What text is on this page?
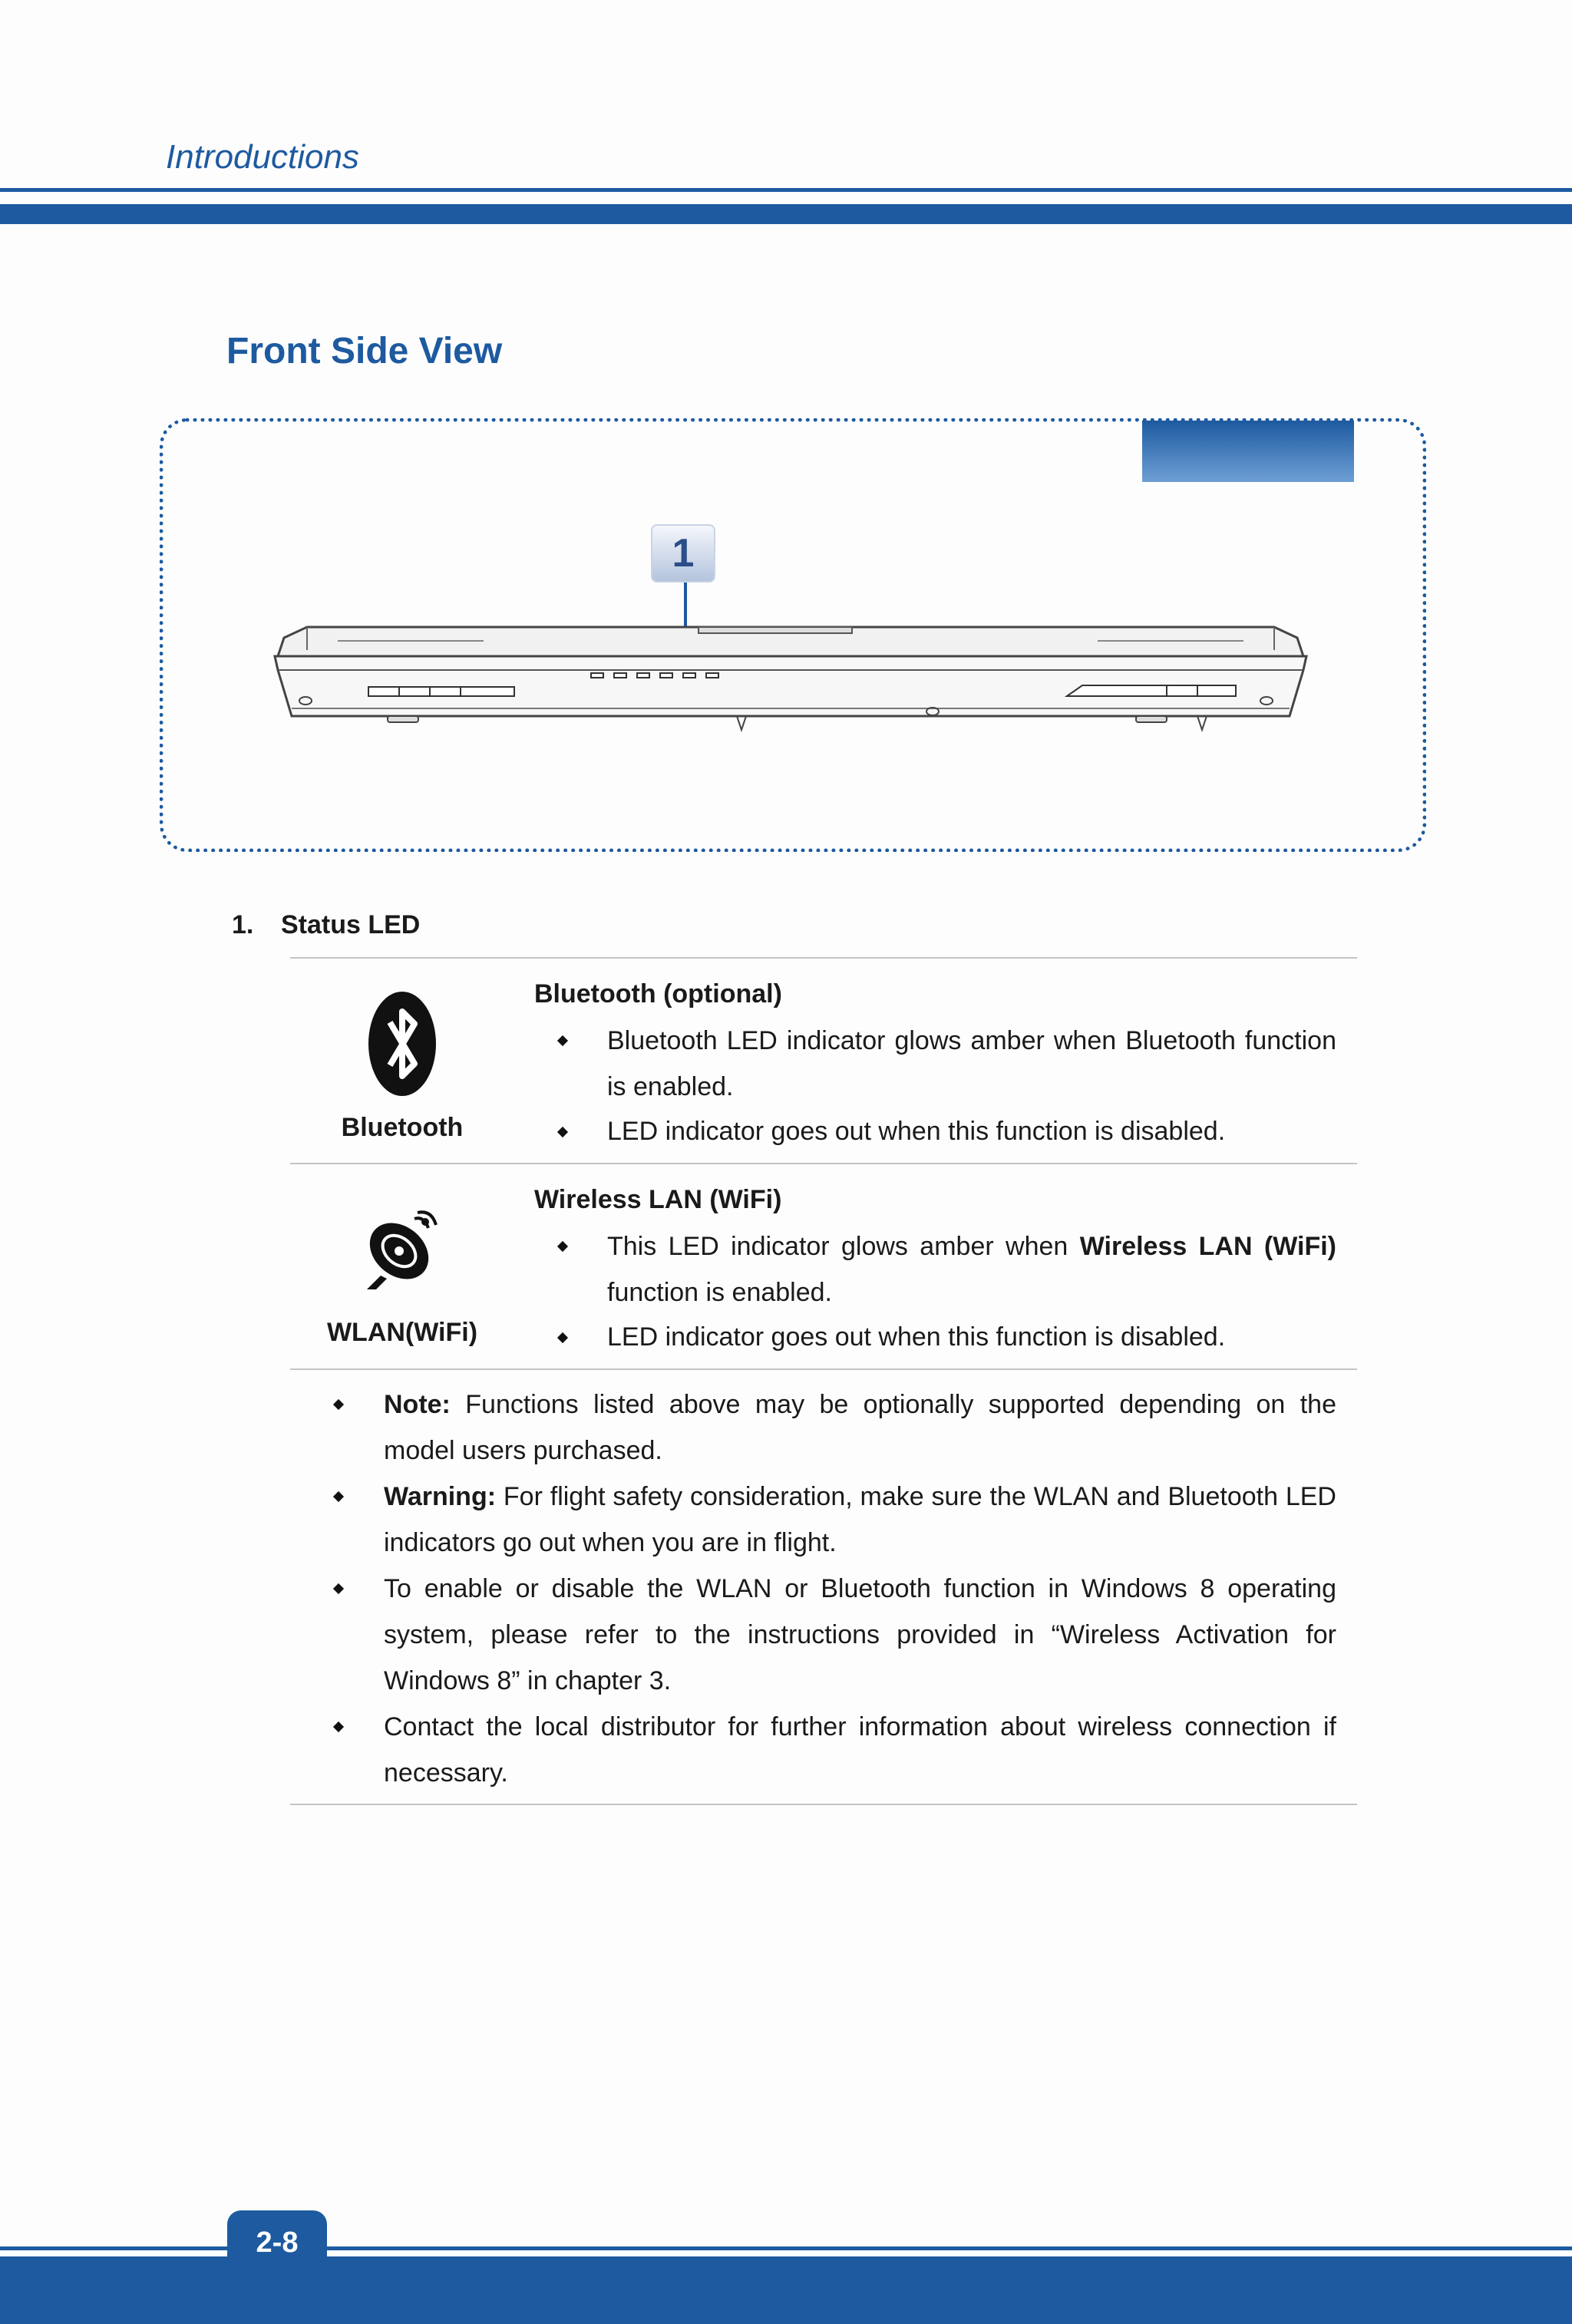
Introductions
Front Side View
1
1. Status LED
Bluetooth
Bluetooth (optional)
Bluetooth LED indicator glows amber when Bluetooth function is enabled.
LED indicator goes out when this function is disabled.
WLAN(WiFi)
Wireless LAN (WiFi)
This LED indicator glows amber when Wireless LAN (WiFi) function is enabled.
LED indicator goes out when this function is disabled.
Note: Functions listed above may be optionally supported depending on the model users purchased.
Warning: For flight safety consideration, make sure the WLAN and Bluetooth LED indicators go out when you are in flight.
To enable or disable the WLAN or Bluetooth function in Windows 8 operating system, please refer to the instructions provided in “Wireless Activation for Windows 8” in chapter 3.
Contact the local distributor for further information about wireless connection if necessary.
2-8
